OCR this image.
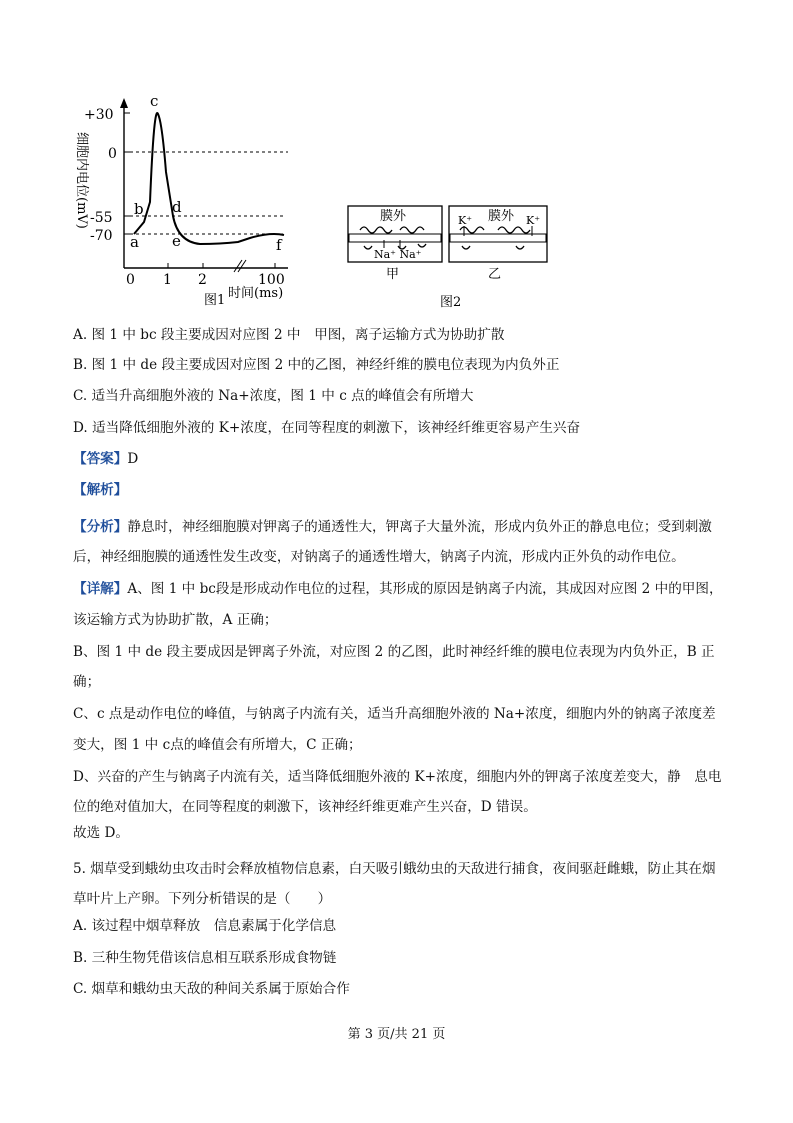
细胞内电位(mV)
+30
0
-55
-70
0 1 2	100
a
b
c
d
e	f
时间(ms)
图1
膜外
Na⁺ Na⁺
膜外
K⁺	K⁺
甲	乙
图2
A. 图 1 中 bc 段主要成因对应图 2 中　甲图，离子运输方式为协助扩散
B. 图 1 中 de 段主要成因对应图 2 中的乙图，神经纤维的膜电位表现为内负外正
C. 适当升高细胞外液的 Na+浓度，图 1 中 c 点的峰值会有所增大
D. 适当降低细胞外液的 K+浓度，在同等程度的刺激下，该神经纤维更容易产生兴奋
【答案】D
【解析】
【分析】静息时，神经细胞膜对钾离子的通透性大，钾离子大量外流，形成内负外正的静息电位；受到刺激后，神经细胞膜的通透性发生改变，对钠离子的通透性增大，钠离子内流，形成内正外负的动作电位。
【详解】A、图 1 中 bc段是形成动作电位的过程，其形成的原因是钠离子内流，其成因对应图 2 中的甲图，该运输方式为协助扩散，A 正确；
B、图 1 中 de 段主要成因是钾离子外流，对应图 2 的乙图，此时神经纤维的膜电位表现为内负外正，B 正确；
C、c 点是动作电位的峰值，与钠离子内流有关，适当升高细胞外液的 Na+浓度，细胞内外的钠离子浓度差变大，图 1 中 c点的峰值会有所增大，C 正确；
D、兴奋的产生与钠离子内流有关，适当降低细胞外液的 K+浓度，细胞内外的钾离子浓度差变大，静　息电位的绝对值加大，在同等程度的刺激下，该神经纤维更难产生兴奋，D 错误。
故选 D。
5. 烟草受到蛾幼虫攻击时会释放植物信息素，白天吸引蛾幼虫的天敌进行捕食，夜间驱赶雌蛾，防止其在烟草叶片上产卵。下列分析错误的是（　　）
A. 该过程中烟草释放　信息素属于化学信息
B. 三种生物凭借该信息相互联系形成食物链
C. 烟草和蛾幼虫天敌的种间关系属于原始合作
第 3 页/共 21 页
